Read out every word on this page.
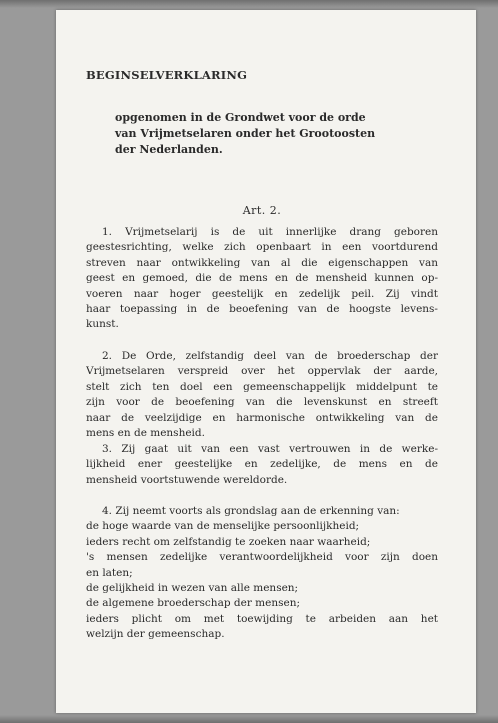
BEGINSELVERKLARING
opgenomen in de Grondwet voor de orde
van Vrijmetselaren onder het Grootoosten
der Nederlanden.
Art. 2.
1. Vrijmetselarij is de uit innerlijke drang geboren
geestesrichting, welke zich openbaart in een voortdurend
streven naar ontwikkeling van al die eigenschappen van
geest en gemoed, die de mens en de mensheid kunnen op-
voeren naar hoger geestelijk en zedelijk peil. Zij vindt
haar toepassing in de beoefening van de hoogste levens-
kunst.
2. De Orde, zelfstandig deel van de broederschap der
Vrijmetselaren verspreid over het oppervlak der aarde,
stelt zich ten doel een gemeenschappelijk middelpunt te
zijn voor de beoefening van die levenskunst en streeft
naar de veelzijdige en harmonische ontwikkeling van de
mens en de mensheid.
3. Zij gaat uit van een vast vertrouwen in de werke-
lijkheid ener geestelijke en zedelijke, de mens en de
mensheid voortstuwende wereldorde.
4. Zij neemt voorts als grondslag aan de erkenning van:
de hoge waarde van de menselijke persoonlijkheid;
ieders recht om zelfstandig te zoeken naar waarheid;
's mensen zedelijke verantwoordelijkheid voor zijn doen
en laten;
de gelijkheid in wezen van alle mensen;
de algemene broederschap der mensen;
ieders plicht om met toewijding te arbeiden aan het
welzijn der gemeenschap.
